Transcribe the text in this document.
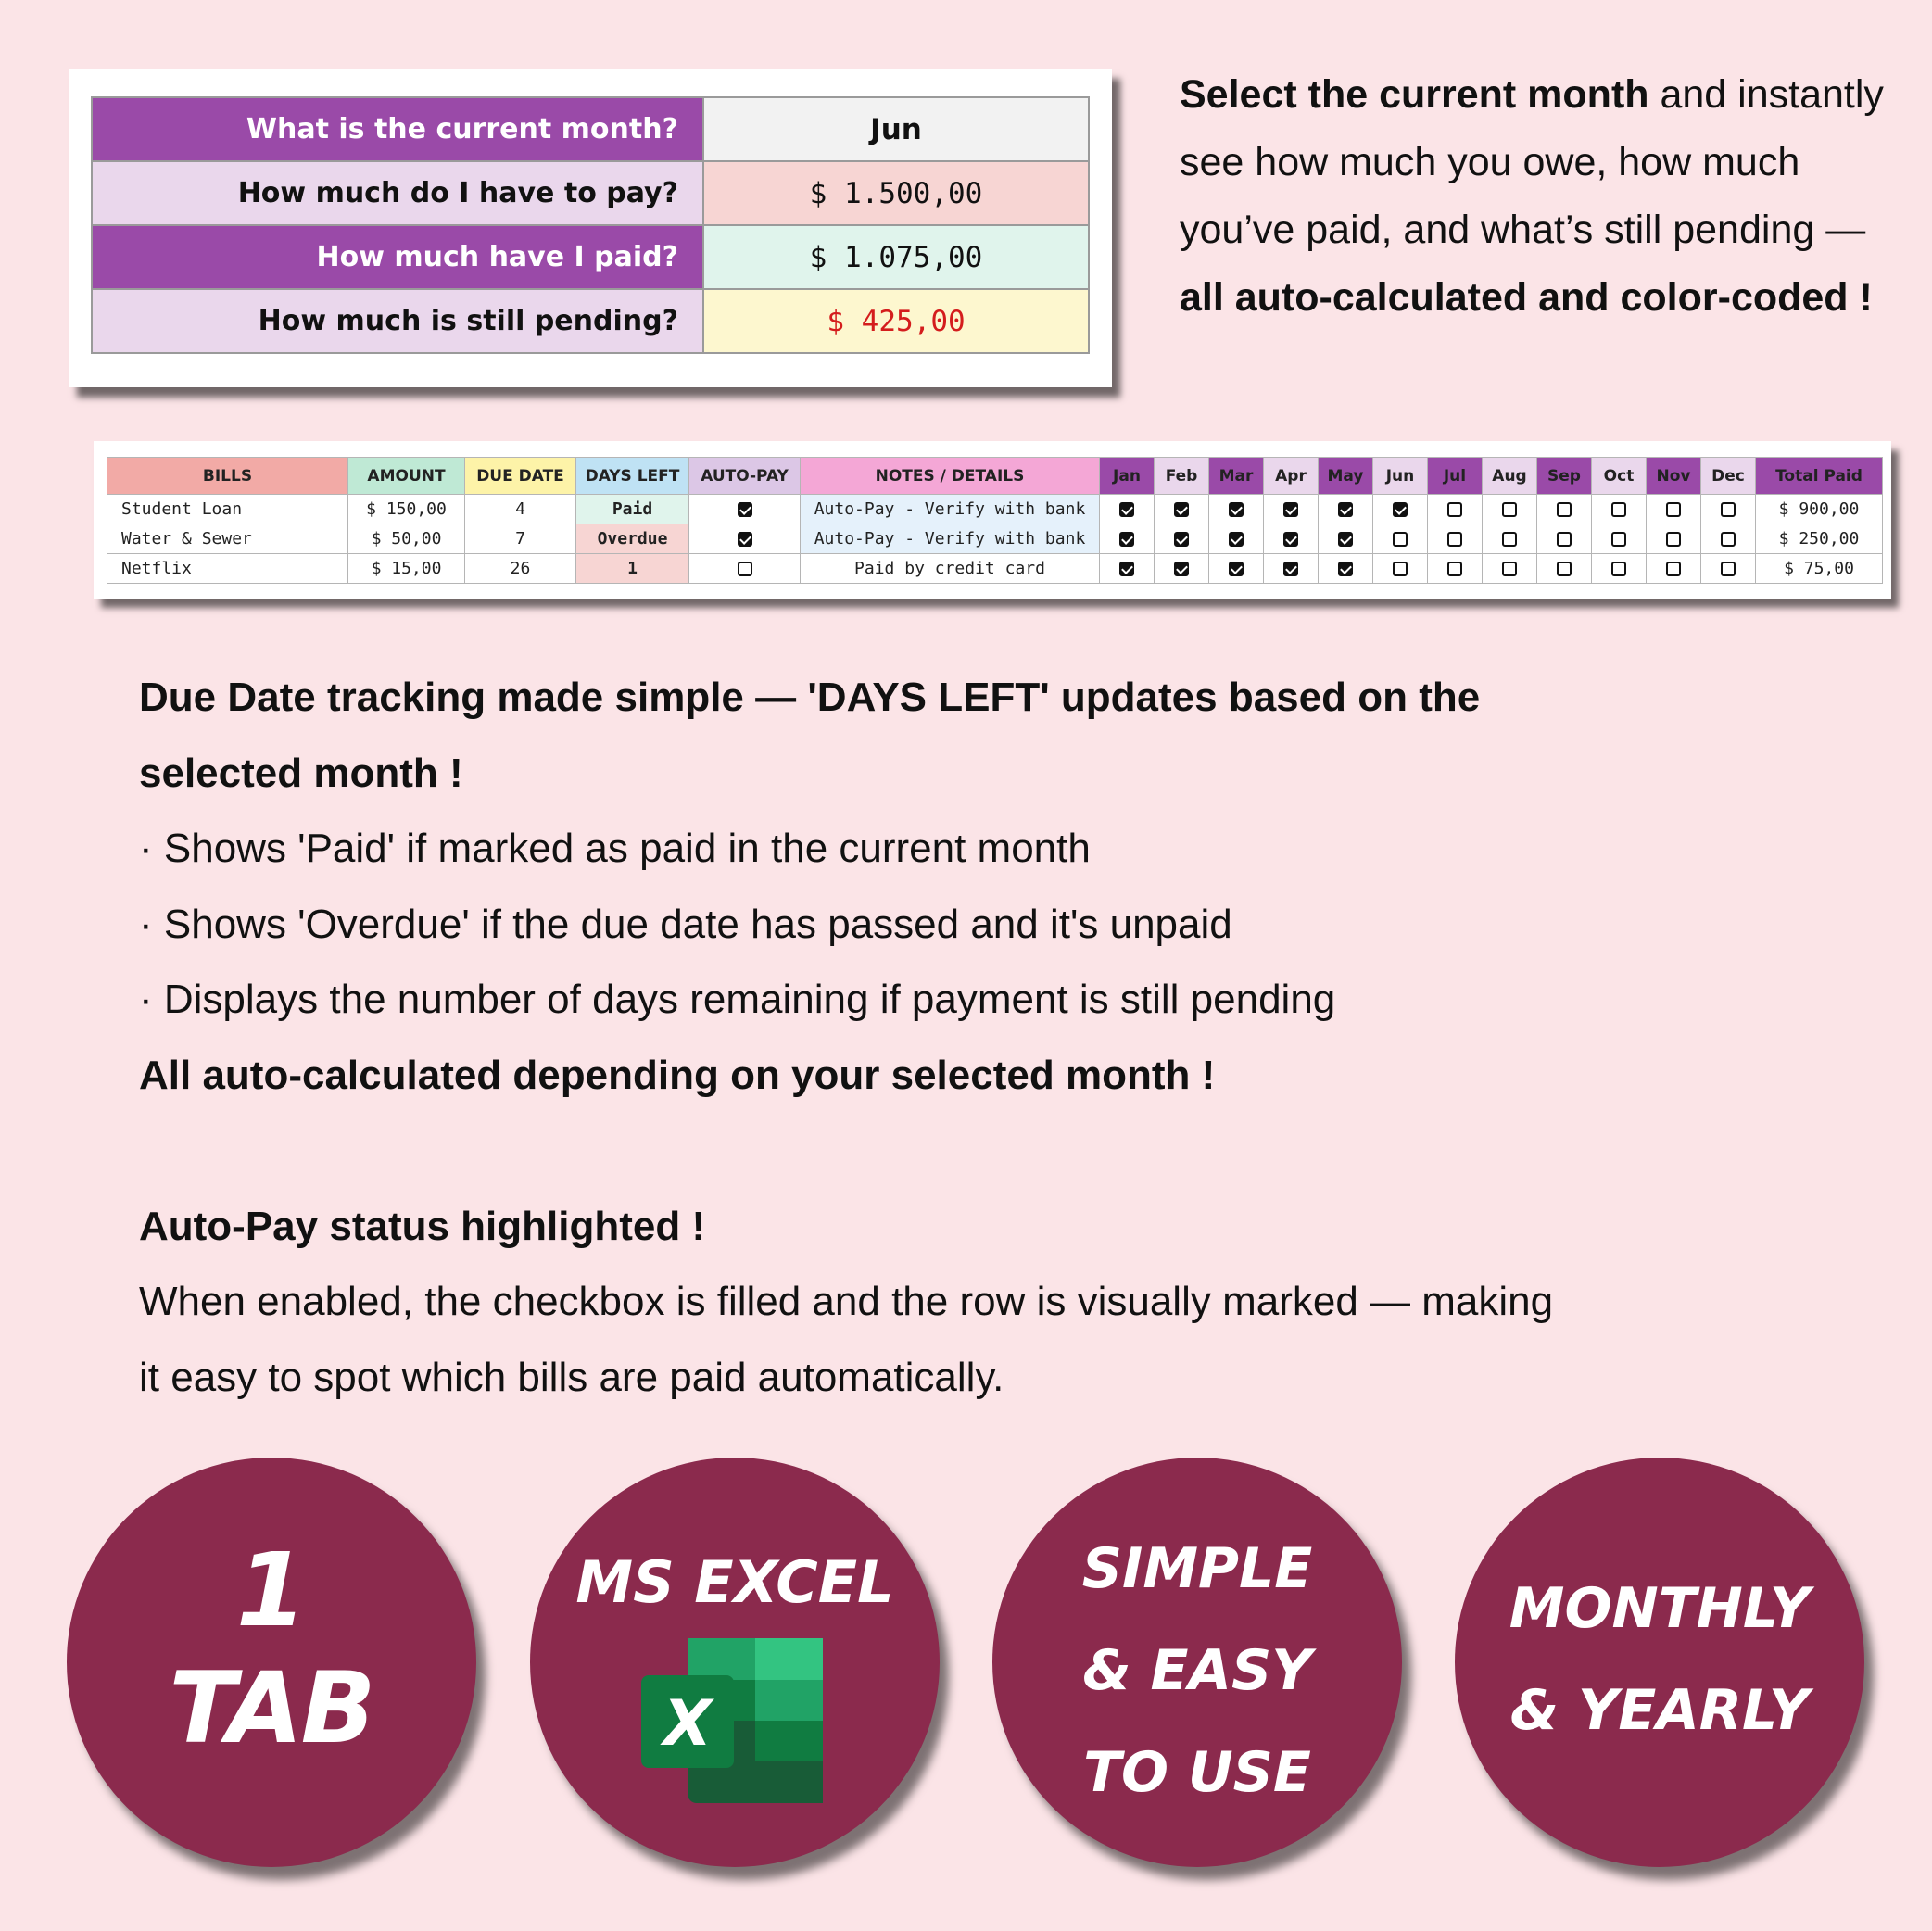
What is the current month?	Jun
How much do I have to pay?	$ 1.500,00
How much have I paid?	$ 1.075,00
How much is still pending?	$ 425,00
Select the current month and instantly see how much you owe, how much you’ve paid, and what’s still pending — all auto-calculated and color-coded !
BILLS	AMOUNT	DUE DATE	DAYS LEFT	AUTO-PAY	NOTES / DETAILS	Jan	Feb	Mar	Apr	May	Jun	Jul	Aug	Sep	Oct	Nov	Dec	Total Paid
Student Loan	$ 150,00	4	Paid		Auto-Pay - Verify with bank													$ 900,00
Water & Sewer	$ 50,00	7	Overdue		Auto-Pay - Verify with bank													$ 250,00
Netflix	$ 15,00	26	1		Paid by credit card													$ 75,00
Due Date tracking made simple — 'DAYS LEFT' updates based on the
selected month !
· Shows 'Paid' if marked as paid in the current month
· Shows 'Overdue' if the due date has passed and it's unpaid
· Displays the number of days remaining if payment is still pending
All auto-calculated depending on your selected month !
Auto-Pay status highlighted !
When enabled, the checkbox is filled and the row is visually marked — making
it easy to spot which bills are paid automatically.
1
TAB
MS EXCEL
X
SIMPLE
& EASY
TO USE
MONTHLY
& YEARLY
